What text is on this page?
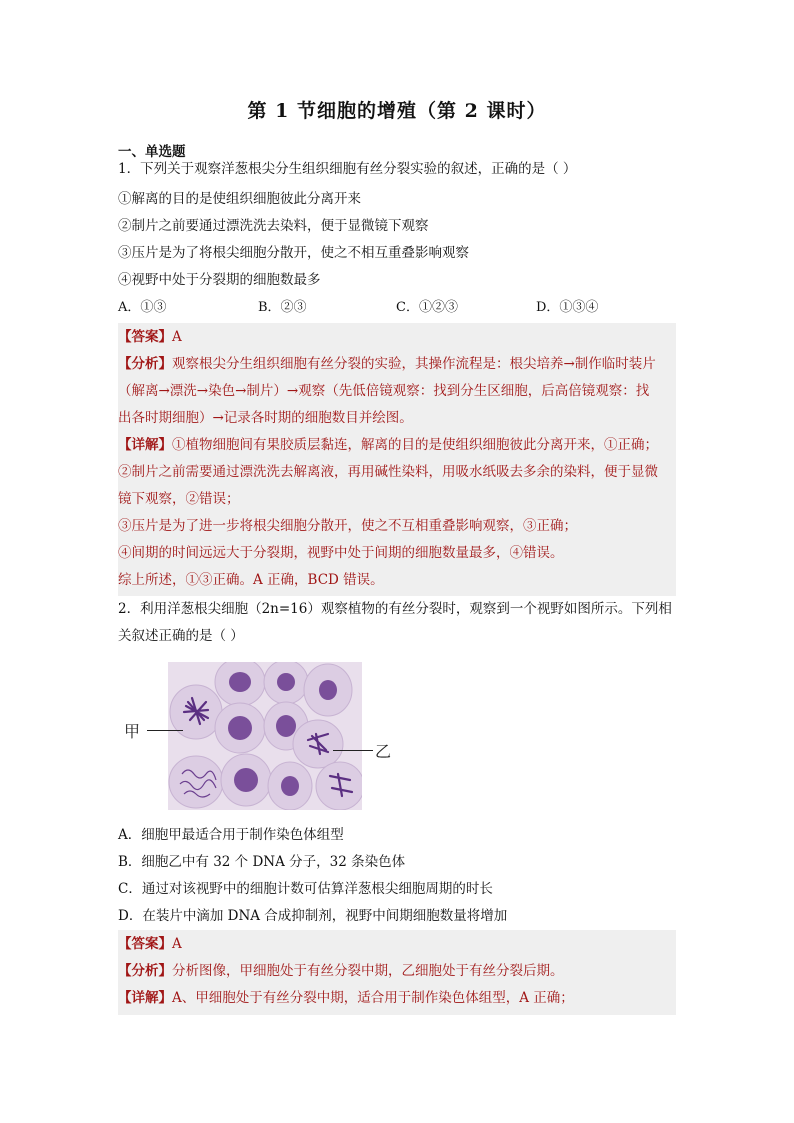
第 1 节细胞的增殖（第 2 课时）
一、单选题
1．下列关于观察洋葱根尖分生组织细胞有丝分裂实验的叙述，正确的是（ ）
①解离的目的是使组织细胞彼此分离开来
②制片之前要通过漂洗洗去染料，便于显微镜下观察
③压片是为了将根尖细胞分散开，使之不相互重叠影响观察
④视野中处于分裂期的细胞数最多
A．①③	B．②③	C．①②③	D．①③④
【答案】A
【分析】观察根尖分生组织细胞有丝分裂的实验，其操作流程是：根尖培养→制作临时装片
（解离→漂洗→染色→制片）→观察（先低倍镜观察：找到分生区细胞，后高倍镜观察：找
出各时期细胞）→记录各时期的细胞数目并绘图。
【详解】①植物细胞间有果胶质层黏连，解离的目的是使组织细胞彼此分离开来，①正确；
②制片之前需要通过漂洗洗去解离液，再用碱性染料，用吸水纸吸去多余的染料，便于显微
镜下观察，②错误；
③压片是为了进一步将根尖细胞分散开，使之不互相重叠影响观察，③正确；
④间期的时间远远大于分裂期，视野中处于间期的细胞数量最多，④错误。
综上所述，①③正确。A 正确，BCD 错误。
2．利用洋葱根尖细胞（2n=16）观察植物的有丝分裂时，观察到一个视野如图所示。下列相
关叙述正确的是（ ）
甲
乙
A．细胞甲最适合用于制作染色体组型
B．细胞乙中有 32 个 DNA 分子，32 条染色体
C．通过对该视野中的细胞计数可估算洋葱根尖细胞周期的时长
D．在装片中滴加 DNA 合成抑制剂，视野中间期细胞数量将增加
【答案】A
【分析】分析图像，甲细胞处于有丝分裂中期，乙细胞处于有丝分裂后期。
【详解】A、甲细胞处于有丝分裂中期，适合用于制作染色体组型，A 正确；
